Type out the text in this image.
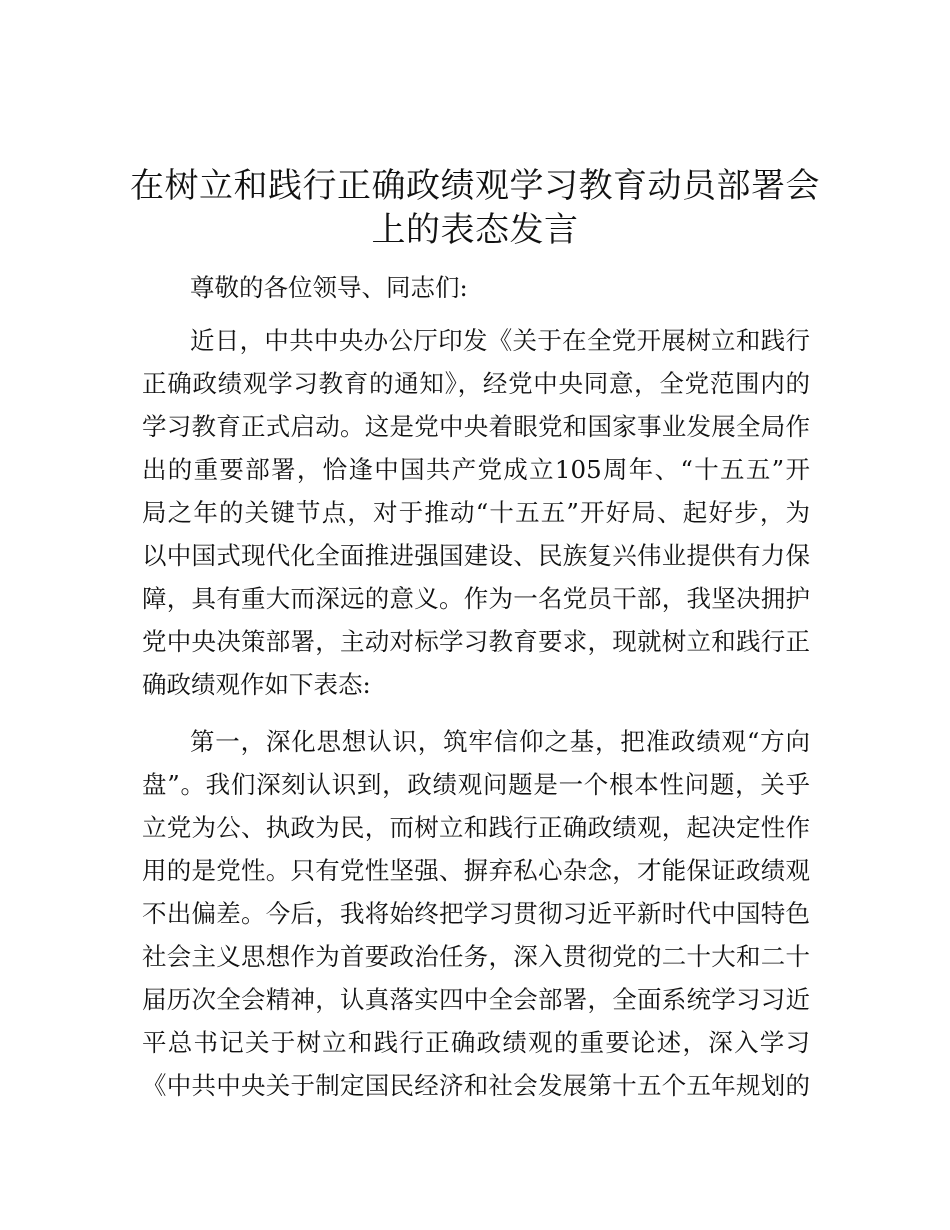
在树立和践行正确政绩观学习教育动员部署会
上的表态发言
尊敬的各位领导、同志们:
近日，中共中央办公厅印发《关于在全党开展树立和践行
正确政绩观学习教育的通知》，经党中央同意，全党范围内的
学习教育正式启动。这是党中央着眼党和国家事业发展全局作
出的重要部署，恰逢中国共产党成立105周年、“十五五”开
局之年的关键节点，对于推动“十五五”开好局、起好步，为
以中国式现代化全面推进强国建设、民族复兴伟业提供有力保
障，具有重大而深远的意义。作为一名党员干部，我坚决拥护
党中央决策部署，主动对标学习教育要求，现就树立和践行正
确政绩观作如下表态:
第一，深化思想认识，筑牢信仰之基，把准政绩观“方向
盘”。我们深刻认识到，政绩观问题是一个根本性问题，关乎
立党为公、执政为民，而树立和践行正确政绩观，起决定性作
用的是党性。只有党性坚强、摒弃私心杂念，才能保证政绩观
不出偏差。今后，我将始终把学习贯彻习近平新时代中国特色
社会主义思想作为首要政治任务，深入贯彻党的二十大和二十
届历次全会精神，认真落实四中全会部署，全面系统学习习近
平总书记关于树立和践行正确政绩观的重要论述，深入学习
《中共中央关于制定国民经济和社会发展第十五个五年规划的
